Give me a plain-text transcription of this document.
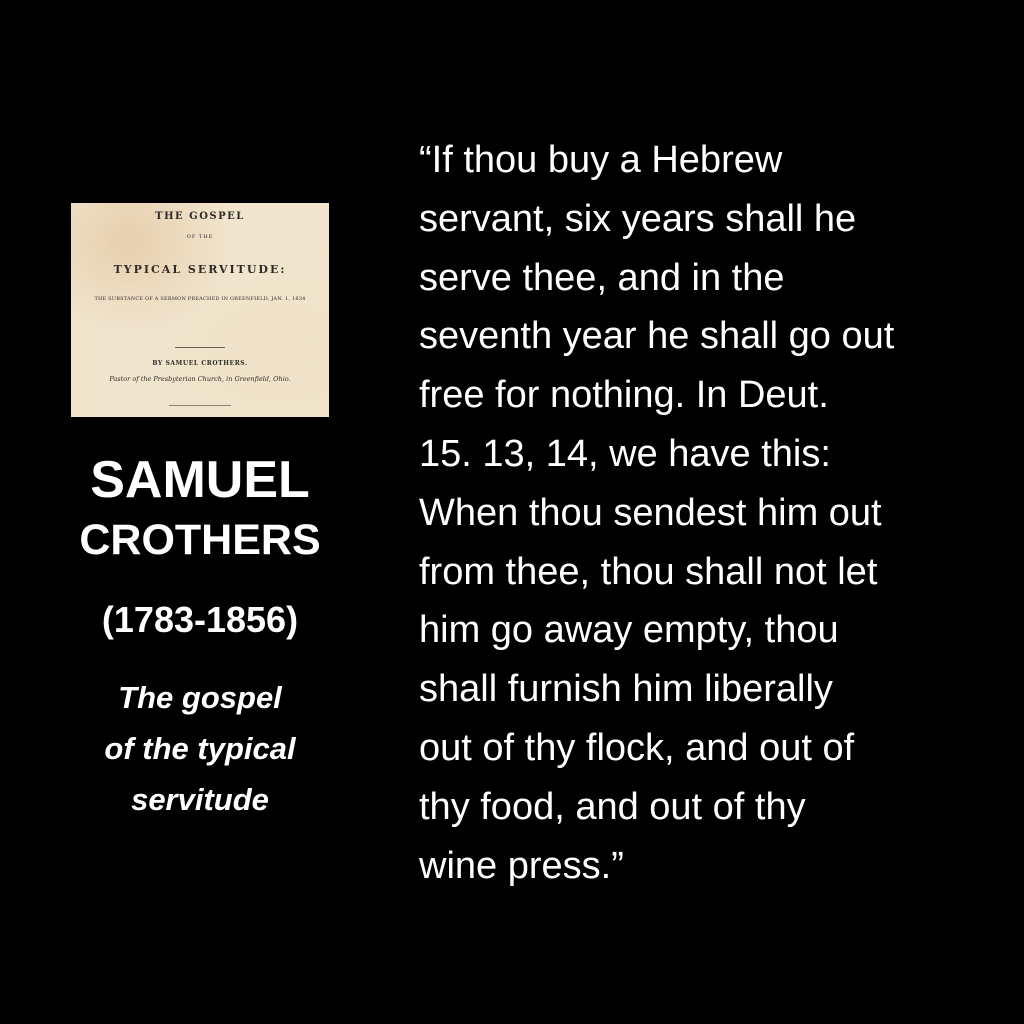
THE GOSPEL
OF THE
TYPICAL SERVITUDE:
THE SUBSTANCE OF A SERMON PREACHED IN GREENFIELD, JAN. 1, 1834
BY SAMUEL CROTHERS.
Pastor of the Presbyterian Church, in Greenfield, Ohio.
SAMUEL
CROTHERS
(1783-1856)
The gospel
of the typical
servitude
“If thou buy a Hebrew
servant, six years shall he
serve thee, and in the
seventh year he shall go out
free for nothing. In Deut.
15. 13, 14, we have this:
When thou sendest him out
from thee, thou shall not let
him go away empty, thou
shall furnish him liberally
out of thy flock, and out of
thy food, and out of thy
wine press.”
